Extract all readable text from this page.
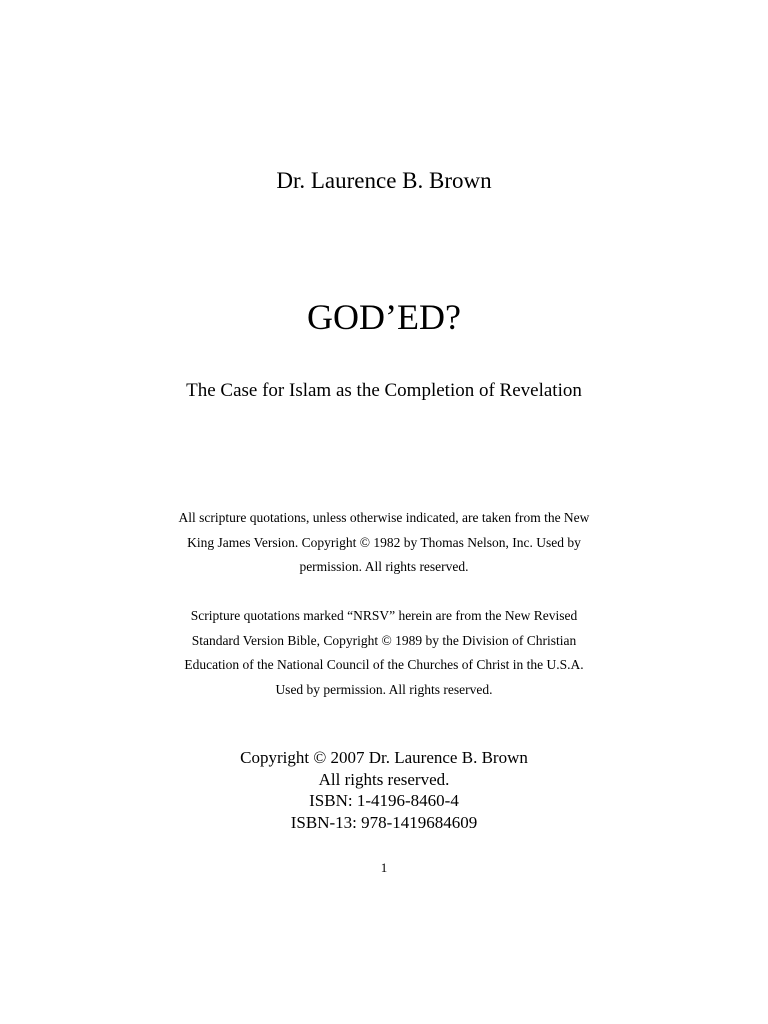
Dr. Laurence B. Brown
GOD’ED?
The Case for Islam as the Completion of Revelation
All scripture quotations, unless otherwise indicated, are taken from the New
King James Version. Copyright © 1982 by Thomas Nelson, Inc. Used by
permission. All rights reserved.
Scripture quotations marked “NRSV” herein are from the New Revised
Standard Version Bible, Copyright © 1989 by the Division of Christian
Education of the National Council of the Churches of Christ in the U.S.A.
Used by permission. All rights reserved.
Copyright © 2007 Dr. Laurence B. Brown
All rights reserved.
ISBN: 1-4196-8460-4
ISBN-13: 978-1419684609
1
